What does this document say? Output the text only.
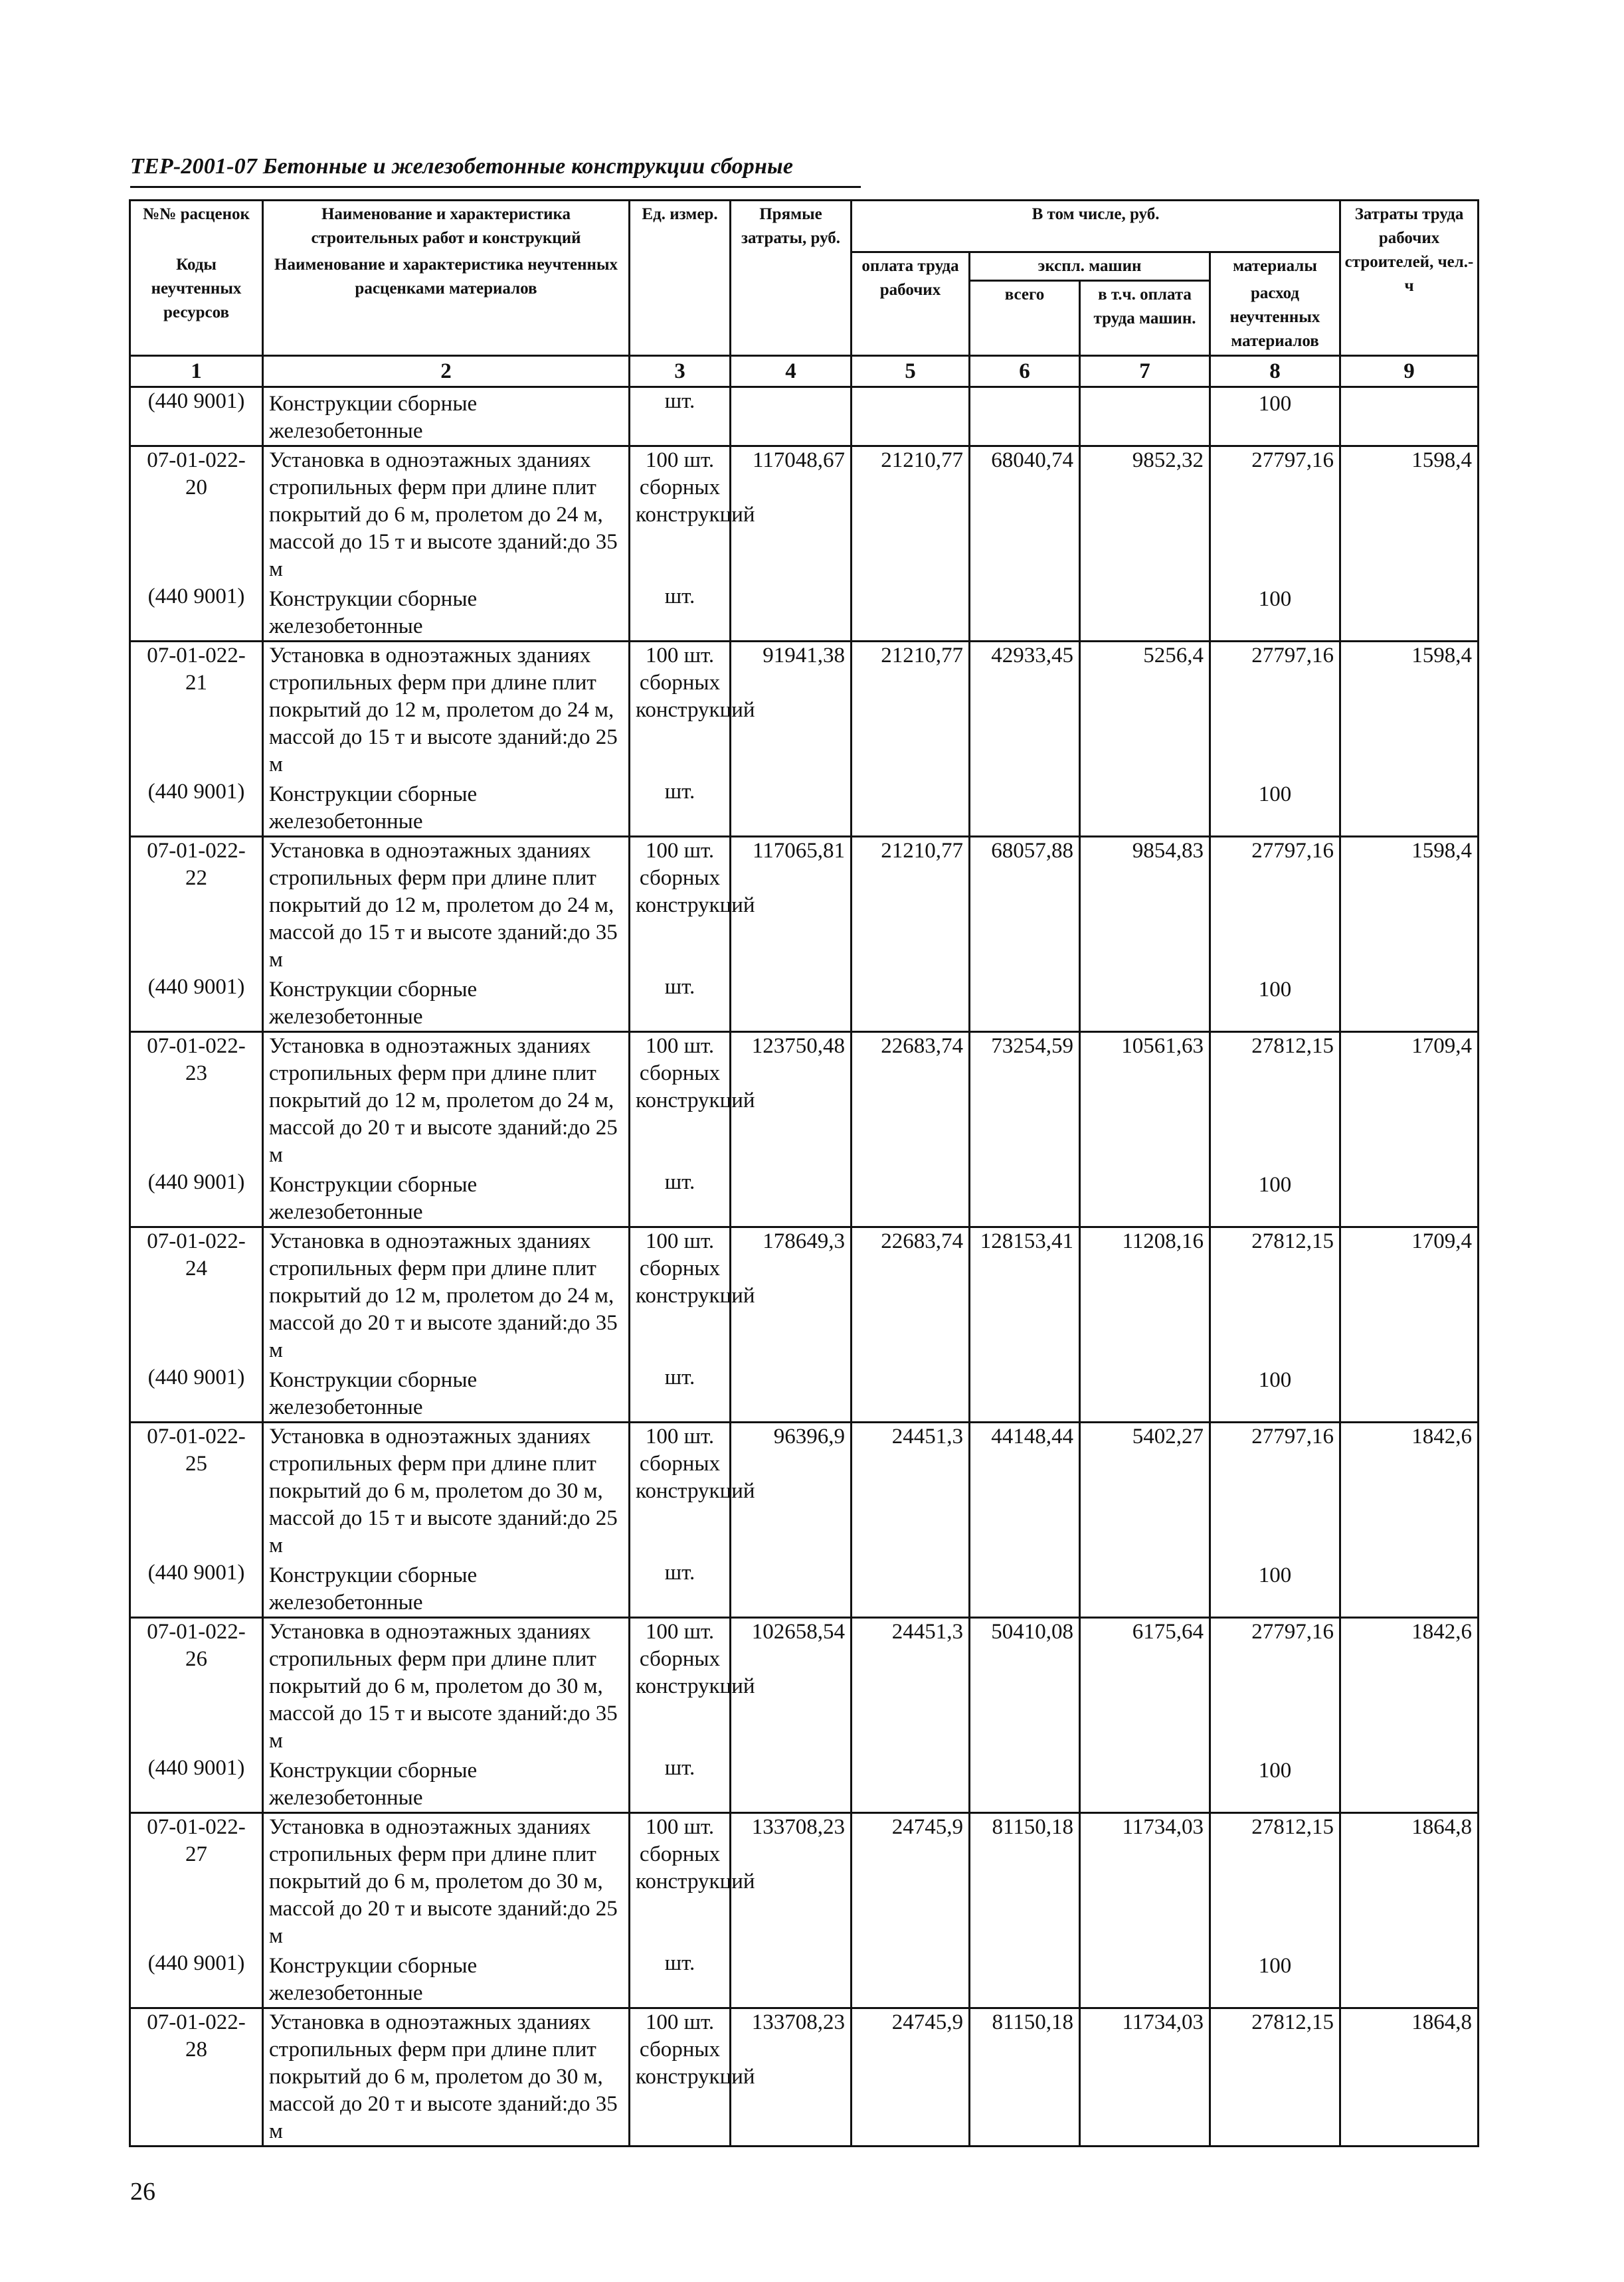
ТЕР-2001-07 Бетонные и железобетонные конструкции сборные
№№ расценок	Наименование и характеристика строительных работ и конструкций	Ед. измер.	Прямые затраты, руб.	В том числе, руб.				Затраты труда рабочих строителей, чел.-ч
Коды неучтенных ресурсов	Наименование и характеристика неучтенных расценками материалов			оплата труда рабочих	экспл. машин		материалы	
					всего	в т.ч. оплата труда машин.	расход неучтенных материалов	

1	2	3	4	5	6	7	8	9
(440 9001)	Конструкции сборные железобетонные	шт.					100	
07-01-022-20	Установка в одноэтажных зданиях стропильных ферм при длине плит покрытий до 6 м, пролетом до 24 м, массой до 15 т и высоте зданий:до 35 м	100 шт. сборных конструкций	117048,67	21210,77	68040,74	9852,32	27797,16	1598,4
(440 9001)	Конструкции сборные железобетонные	шт.					100	
07-01-022-21	Установка в одноэтажных зданиях стропильных ферм при длине плит покрытий до 12 м, пролетом до 24 м, массой до 15 т и высоте зданий:до 25 м	100 шт. сборных конструкций	91941,38	21210,77	42933,45	5256,4	27797,16	1598,4
(440 9001)	Конструкции сборные железобетонные	шт.					100	
07-01-022-22	Установка в одноэтажных зданиях стропильных ферм при длине плит покрытий до 12 м, пролетом до 24 м, массой до 15 т и высоте зданий:до 35 м	100 шт. сборных конструкций	117065,81	21210,77	68057,88	9854,83	27797,16	1598,4
(440 9001)	Конструкции сборные железобетонные	шт.					100	
07-01-022-23	Установка в одноэтажных зданиях стропильных ферм при длине плит покрытий до 12 м, пролетом до 24 м, массой до 20 т и высоте зданий:до 25 м	100 шт. сборных конструкций	123750,48	22683,74	73254,59	10561,63	27812,15	1709,4
(440 9001)	Конструкции сборные железобетонные	шт.					100	
07-01-022-24	Установка в одноэтажных зданиях стропильных ферм при длине плит покрытий до 12 м, пролетом до 24 м, массой до 20 т и высоте зданий:до 35 м	100 шт. сборных конструкций	178649,3	22683,74	128153,41	11208,16	27812,15	1709,4
(440 9001)	Конструкции сборные железобетонные	шт.					100	
07-01-022-25	Установка в одноэтажных зданиях стропильных ферм при длине плит покрытий до 6 м, пролетом до 30 м, массой до 15 т и высоте зданий:до 25 м	100 шт. сборных конструкций	96396,9	24451,3	44148,44	5402,27	27797,16	1842,6
(440 9001)	Конструкции сборные железобетонные	шт.					100	
07-01-022-26	Установка в одноэтажных зданиях стропильных ферм при длине плит покрытий до 6 м, пролетом до 30 м, массой до 15 т и высоте зданий:до 35 м	100 шт. сборных конструкций	102658,54	24451,3	50410,08	6175,64	27797,16	1842,6
(440 9001)	Конструкции сборные железобетонные	шт.					100	
07-01-022-27	Установка в одноэтажных зданиях стропильных ферм при длине плит покрытий до 6 м, пролетом до 30 м, массой до 20 т и высоте зданий:до 25 м	100 шт. сборных конструкций	133708,23	24745,9	81150,18	11734,03	27812,15	1864,8
(440 9001)	Конструкции сборные железобетонные	шт.					100	
07-01-022-28	Установка в одноэтажных зданиях стропильных ферм при длине плит покрытий до 6 м, пролетом до 30 м, массой до 20 т и высоте зданий:до 35 м	100 шт. сборных конструкций	133708,23	24745,9	81150,18	11734,03	27812,15	1864,8
26
